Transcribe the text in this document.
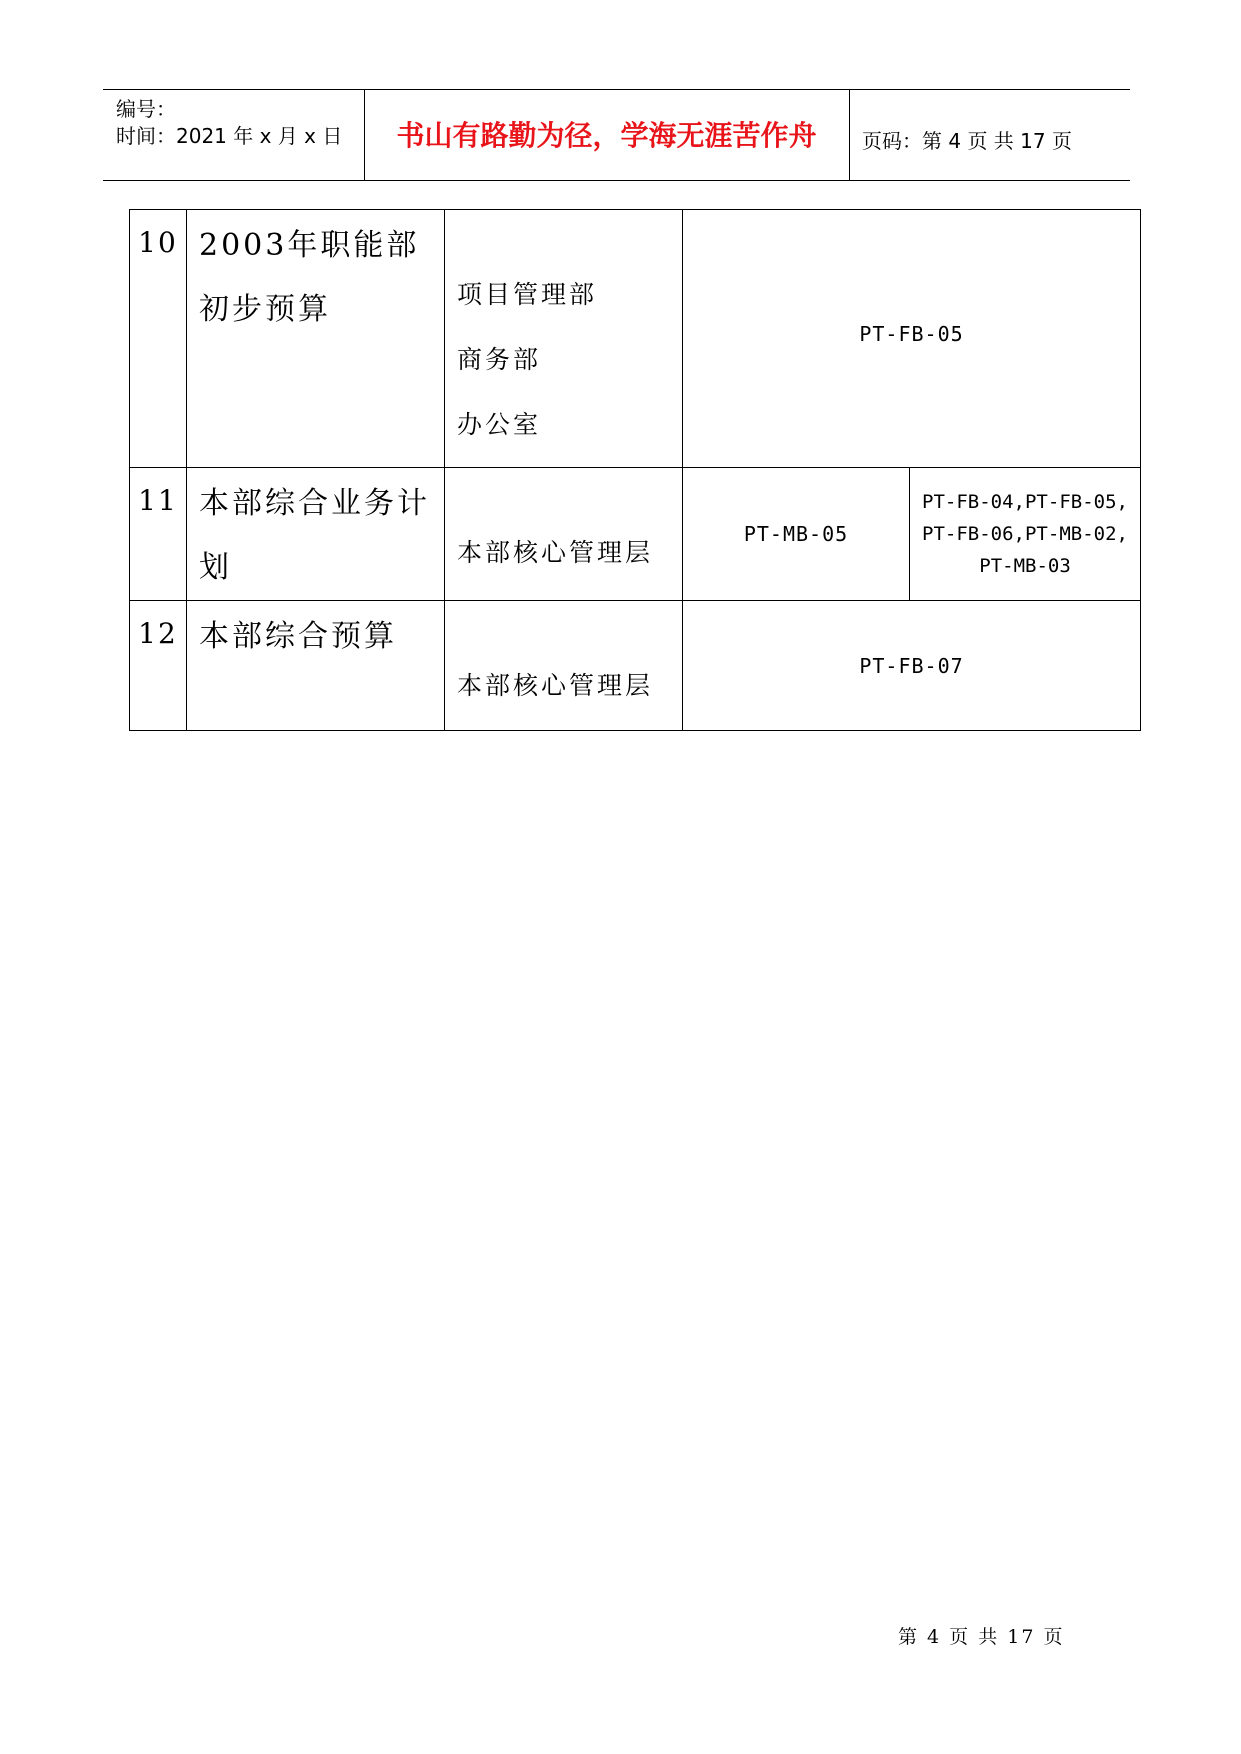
编号：
时间：2021 年 x 月 x 日	书山有路勤为径，学海无涯苦作舟	页码：第 4 页 共 17 页
10	2003年职能部初步预算	项目管理部
商务部
办公室	PT-FB-05	
11	本部综合业务计划	本部核心管理层	PT-MB-05	PT-FB-04,PT-FB-05,
PT-FB-06,PT-MB-02,
PT-MB-03

12	本部综合预算	本部核心管理层	PT-FB-07	
第 4 页 共 17 页
